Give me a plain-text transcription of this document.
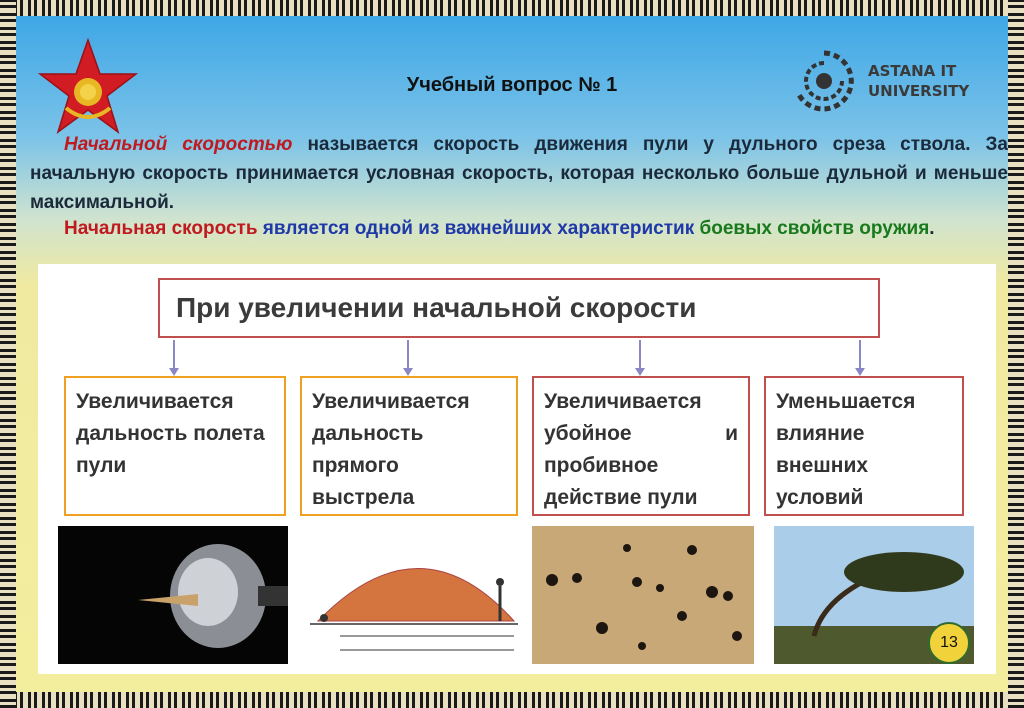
ASTANA IT
UNIVERSITY
Учебный вопрос № 1
Начальной скоростью называется скорость движения пули у дульного среза ствола. За начальную скорость принимается условная скорость, которая несколько больше дульной и меньше максимальной.
Начальная скорость является одной из важнейших характеристик боевых свойств оружия.
При увеличении начальной скорости
Увеличивается
дальность полета
пули
Увеличивается
дальность
прямого
выстрела
Увеличивается
убойное	и
пробивное
действие пули
Уменьшается
влияние
внешних
условий
13
